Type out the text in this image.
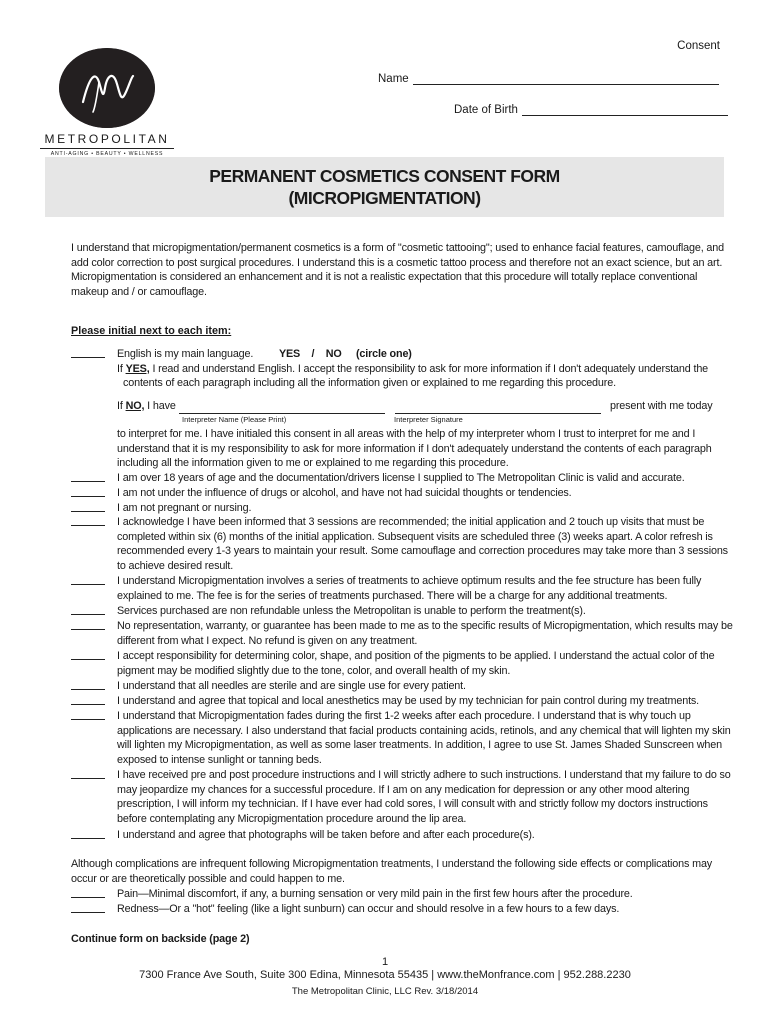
Consent
Name
Date of Birth
METROPOLITAN
ANTI-AGING • BEAUTY • WELLNESS
PERMANENT COSMETICS CONSENT FORM
(MICROPIGMENTATION)
I understand that micropigmentation/permanent cosmetics is a form of "cosmetic tattooing"; used to enhance facial features, camouflage, and add color correction to post surgical procedures. I understand this is a cosmetic tattoo process and therefore not an exact science, but an art. Micropigmentation is considered an enhancement and it is not a realistic expectation that this procedure will totally replace conventional makeup and / or camouflage.
Please initial next to each item:
English is my main language. YES / NO (circle one)
If YES, I read and understand English. I accept the responsibility to ask for more information if I don't adequately understand the
contents of each paragraph including all the information given or explained to me regarding this procedure.
If NO, I have	present with me today
Interpreter Name (Please Print)	Interpreter Signature
to interpret for me. I have initialed this consent in all areas with the help of my interpreter whom I trust to interpret for me and I understand that it is my responsibility to ask for more information if I don't adequately understand the contents of each paragraph including all the information given to me or explained to me regarding this procedure.
I am over 18 years of age and the documentation/drivers license I supplied to The Metropolitan Clinic is valid and accurate.
I am not under the influence of drugs or alcohol, and have not had suicidal thoughts or tendencies.
I am not pregnant or nursing.
I acknowledge I have been informed that 3 sessions are recommended; the initial application and 2 touch up visits that must be completed within six (6) months of the initial application. Subsequent visits are scheduled three (3) weeks apart. A color refresh is recommended every 1-3 years to maintain your result. Some camouflage and correction procedures may take more than 3 sessions to achieve desired result.
I understand Micropigmentation involves a series of treatments to achieve optimum results and the fee structure has been fully explained to me. The fee is for the series of treatments purchased. There will be a charge for any additional treatments.
Services purchased are non refundable unless the Metropolitan is unable to perform the treatment(s).
No representation, warranty, or guarantee has been made to me as to the specific results of Micropigmentation, which results may be different from what I expect. No refund is given on any treatment.
I accept responsibility for determining color, shape, and position of the pigments to be applied. I understand the actual color of the pigment may be modified slightly due to the tone, color, and overall health of my skin.
I understand that all needles are sterile and are single use for every patient.
I understand and agree that topical and local anesthetics may be used by my technician for pain control during my treatments.
I understand that Micropigmentation fades during the first 1-2 weeks after each procedure. I understand that is why touch up applications are necessary. I also understand that facial products containing acids, retinols, and any chemical that will lighten my skin will lighten my Micropigmentation, as well as some laser treatments. In addition, I agree to use St. James Shaded Sunscreen when exposed to intense sunlight or tanning beds.
I have received pre and post procedure instructions and I will strictly adhere to such instructions. I understand that my failure to do so may jeopardize my chances for a successful procedure. If I am on any medication for depression or any other mood altering prescription, I will inform my technician. If I have ever had cold sores, I will consult with and strictly follow my doctors instructions before contemplating any Micropigmentation procedure around the lip area.
I understand and agree that photographs will be taken before and after each procedure(s).
Although complications are infrequent following Micropigmentation treatments, I understand the following side effects or complications may occur or are theoretically possible and could happen to me.
Pain—Minimal discomfort, if any, a burning sensation or very mild pain in the first few hours after the procedure.
Redness—Or a "hot" feeling (like a light sunburn) can occur and should resolve in a few hours to a few days.
Continue form on backside (page 2)
1
7300 France Ave South, Suite 300 Edina, Minnesota 55435 | www.theMonfrance.com | 952.288.2230
The Metropolitan Clinic, LLC Rev. 3/18/2014
